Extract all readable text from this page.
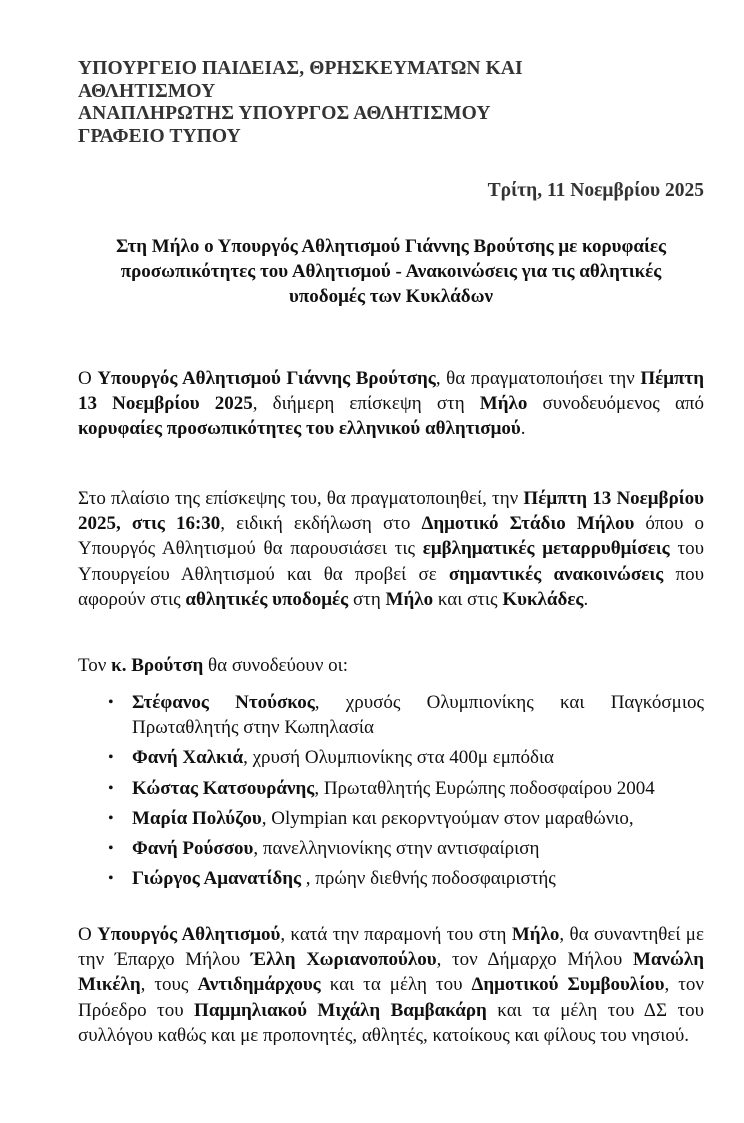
ΥΠΟΥΡΓΕΙΟ ΠΑΙΔΕΙΑΣ, ΘΡΗΣΚΕΥΜΑΤΩΝ ΚΑΙ
ΑΘΛΗΤΙΣΜΟΥ
ΑΝΑΠΛΗΡΩΤΗΣ ΥΠΟΥΡΓΟΣ ΑΘΛΗΤΙΣΜΟΥ
ΓΡΑΦΕΙΟ ΤΥΠΟΥ
Τρίτη, 11 Νοεμβρίου 2025
Στη Μήλο ο Υπουργός Αθλητισμού Γιάννης Βρούτσης με κορυφαίες
προσωπικότητες του Αθλητισμού - Ανακοινώσεις για τις αθλητικές
υποδομές των Κυκλάδων

Ο Υπουργός Αθλητισμού Γιάννης Βρούτσης, θα πραγματοποιήσει την Πέμπτη 13 Νοεμβρίου 2025, διήμερη επίσκεψη στη Μήλο συνοδευόμενος από κορυφαίες προσωπικότητες του ελληνικού αθλητισμού.

Στο πλαίσιο της επίσκεψης του, θα πραγματοποιηθεί, την Πέμπτη 13 Νοεμβρίου 2025, στις 16:30, ειδική εκδήλωση στο Δημοτικό Στάδιο Μήλου όπου ο Υπουργός Αθλητισμού θα παρουσιάσει τις εμβληματικές μεταρρυθμίσεις του Υπουργείου Αθλητισμού και θα προβεί σε σημαντικές ανακοινώσεις που αφορούν στις αθλητικές υποδομές στη Μήλο και στις Κυκλάδες.

Τον κ. Βρούτση θα συνοδεύουν οι:

• Στέφανος Ντούσκος, χρυσός Ολυμπιονίκης και Παγκόσμιος Πρωταθλητής στην Κωπηλασία
• Φανή Χαλκιά, χρυσή Ολυμπιονίκης στα 400μ εμπόδια
• Κώστας Κατσουράνης, Πρωταθλητής Ευρώπης ποδοσφαίρου 2004
• Μαρία Πολύζου, Olympian και ρεκορντγούμαν στον μαραθώνιο,
• Φανή Ρούσσου, πανελληνιονίκης στην αντισφαίριση
• Γιώργος Αμανατίδης , πρώην διεθνής ποδοσφαιριστής

Ο Υπουργός Αθλητισμού, κατά την παραμονή του στη Μήλο, θα συναντηθεί με την Έπαρχο Μήλου Έλλη Χωριανοπούλου, τον Δήμαρχο Μήλου Μανώλη Μικέλη, τους Αντιδημάρχους και τα μέλη του Δημοτικού Συμβουλίου, τον Πρόεδρο του Παμμηλιακού Μιχάλη Βαμβακάρη και τα μέλη του ΔΣ του συλλόγου καθώς και με προπονητές, αθλητές, κατοίκους και φίλους του νησιού.
